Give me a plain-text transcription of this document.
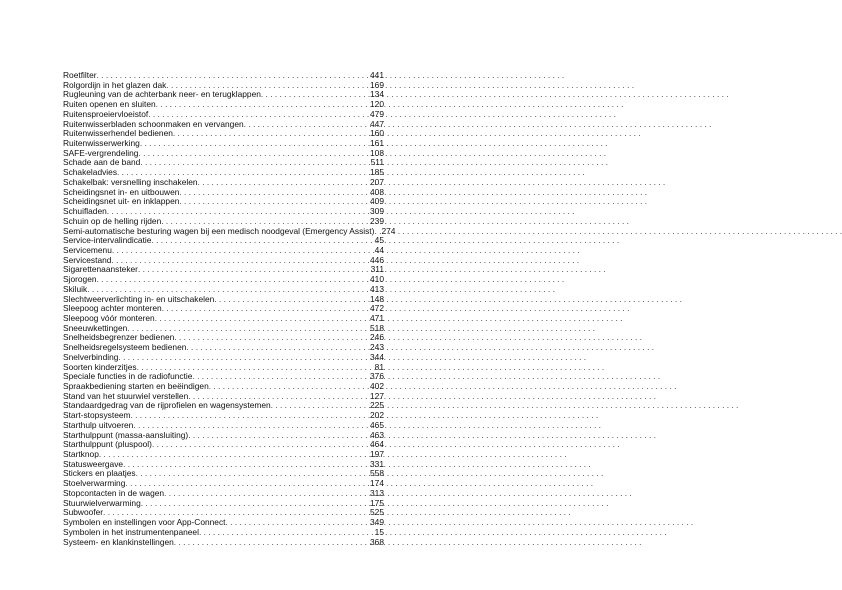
Roetfilter . . .	441
Rolgordijn in het glazen dak . . .	169
Rugleuning van de achterbank neer- en terugklappen . . .	134
Ruiten openen en sluiten . . .	120
Ruitensproeiervloeistof . . .	479
Ruitenwisserbladen schoonmaken en vervangen . . .	447
Ruitenwisserhendel bedienen . . .	160
Ruitenwisserwerking . . .	161
SAFE-vergrendeling . . .	108
Schade aan de band . . .	511
Schakeladvies . . .	185
Schakelbak: versnelling inschakelen . . .	207
Scheidingsnet in- en uitbouwen . . .	408
Scheidingsnet uit- en inklappen . . .	409
Schuifladen . . .	309
Schuin op de helling rijden . . .	239
Semi-automatische besturing wagen bij een medisch noodgeval (Emergency Assist) . . . 274
Service-intervalindicatie . . .	45
Servicemenu . . .	44
Servicestand . . .	446
Sigarettenaansteker . . .	311
Sjorogen . . .	410
Skiluik . . .	413
Slechtweerverlichting in- en uitschakelen . . .	148
Sleepoog achter monteren . . .	472
Sleepoog vóór monteren . . .	471
Sneeuwkettingen . . .	518
Snelheidsbegrenzer bedienen . . .	246
Snelheidsregelsysteem bedienen . . .	243
Snelverbinding . . .	344
Soorten kinderzitjes . . .	81
Speciale functies in de radiofunctie . . .	376
Spraakbediening starten en beëindigen . . .	402
Stand van het stuurwiel verstellen . . .	127
Standaardgedrag van de rijprofielen en wagensystemen . . .	225
Start-stopsysteem . . .	202
Starthulp uitvoeren . . .	465
Starthulppunt (massa-aansluiting) . . .	463
Starthulppunt (pluspool) . . .	464
Startknop . . .	197
Statusweergave . . .	331
Stickers en plaatjes . . .	558
Stoelverwarming . . .	174
Stopcontacten in de wagen . . .	313
Stuurwielverwarming . . .	175
Subwoofer . . .	525
Symbolen en instellingen voor App-Connect . . .	349
Symbolen in het instrumentenpaneel . . .	15
Systeem- en klankinstellingen . . .	368
